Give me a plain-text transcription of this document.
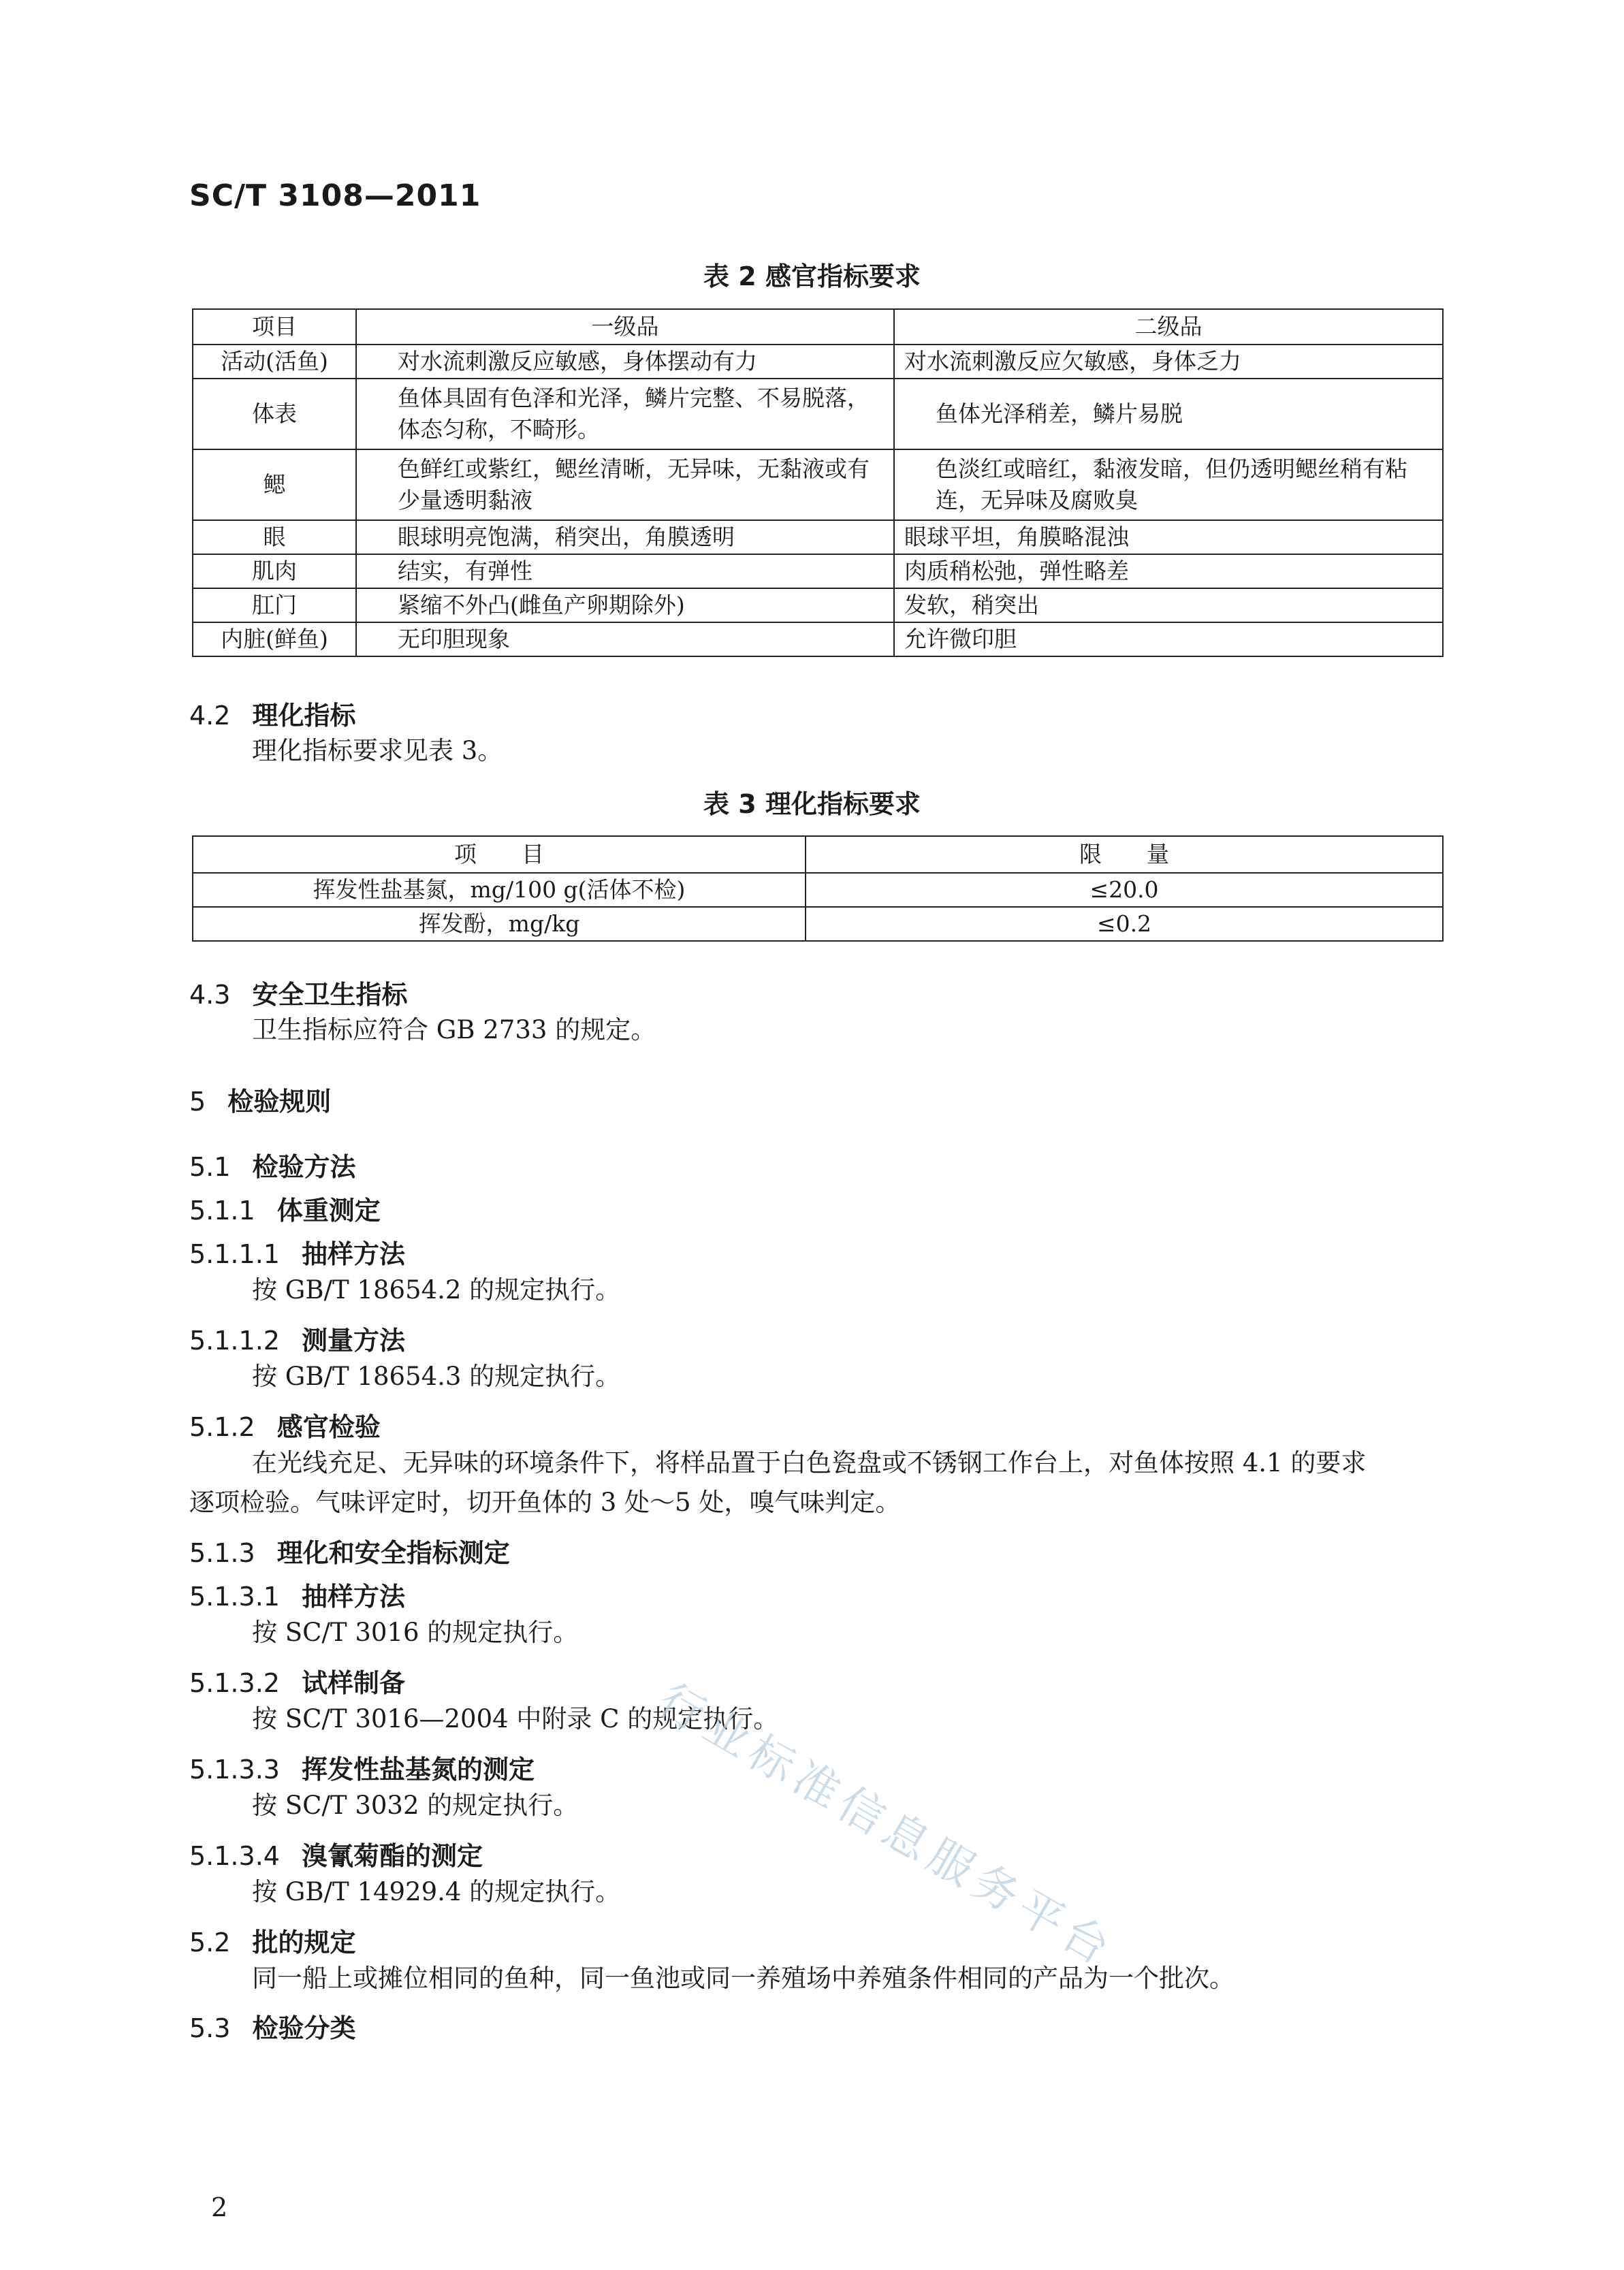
SC/T 3108—2011
表 2 感官指标要求
项目	一级品	二级品
活动(活鱼)	对水流刺激反应敏感，身体摆动有力	对水流刺激反应欠敏感，身体乏力
体表	鱼体具固有色泽和光泽，鳞片完整、不易脱落，体态匀称，不畸形。	鱼体光泽稍差，鳞片易脱
鳃	色鲜红或紫红，鳃丝清晰，无异味，无黏液或有少量透明黏液	色淡红或暗红，黏液发暗，但仍透明鳃丝稍有粘连，无异味及腐败臭
眼	眼球明亮饱满，稍突出，角膜透明	眼球平坦，角膜略混浊
肌肉	结实，有弹性	肉质稍松弛，弹性略差
肛门	紧缩不外凸(雌鱼产卵期除外)	发软，稍突出
内脏(鲜鱼)	无印胆现象	允许微印胆
4.2 理化指标
理化指标要求见表 3。
表 3 理化指标要求
项　　目	限　　量
挥发性盐基氮，mg/100 g(活体不检)	≤20.0
挥发酚，mg/kg	≤0.2
4.3 安全卫生指标
卫生指标应符合 GB 2733 的规定。
5 检验规则
5.1 检验方法
5.1.1 体重测定
5.1.1.1 抽样方法
按 GB/T 18654.2 的规定执行。
5.1.1.2 测量方法
按 GB/T 18654.3 的规定执行。
5.1.2 感官检验
在光线充足、无异味的环境条件下，将样品置于白色瓷盘或不锈钢工作台上，对鱼体按照 4.1 的要求逐项检验。气味评定时，切开鱼体的 3 处～5 处，嗅气味判定。
5.1.3 理化和安全指标测定
5.1.3.1 抽样方法
按 SC/T 3016 的规定执行。
5.1.3.2 试样制备
按 SC/T 3016—2004 中附录 C 的规定执行。
5.1.3.3 挥发性盐基氮的测定
按 SC/T 3032 的规定执行。
5.1.3.4 溴氰菊酯的测定
按 GB/T 14929.4 的规定执行。
5.2 批的规定
同一船上或摊位相同的鱼种，同一鱼池或同一养殖场中养殖条件相同的产品为一个批次。
5.3 检验分类
行业标准信息服务平台
2
